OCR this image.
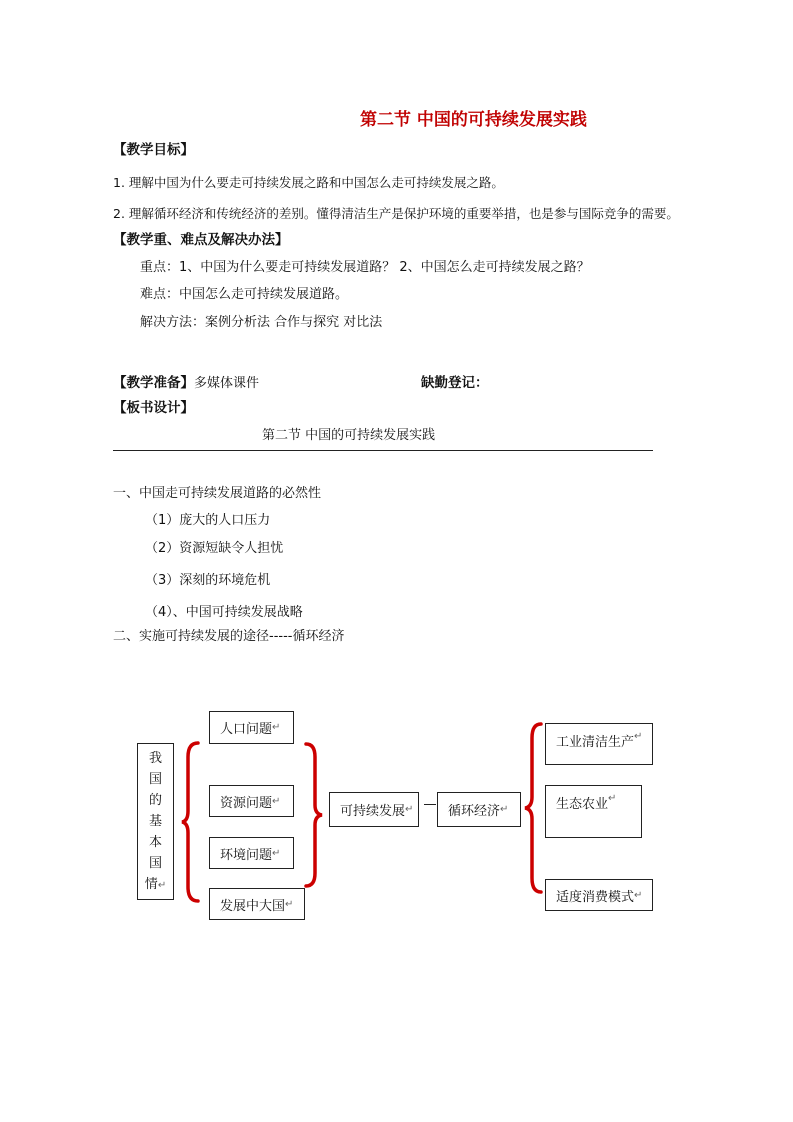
第二节 中国的可持续发展实践
【教学目标】
1. 理解中国为什么要走可持续发展之路和中国怎么走可持续发展之路。
2. 理解循环经济和传统经济的差别。懂得清洁生产是保护环境的重要举措，也是参与国际竞争的需要。
【教学重、难点及解决办法】
重点：1、中国为什么要走可持续发展道路？ 2、中国怎么走可持续发展之路？
难点：中国怎么走可持续发展道路。
解决方法：案例分析法 合作与探究 对比法
【教学准备】多媒体课件	缺勤登记：
【板书设计】
第二节 中国的可持续发展实践
一、中国走可持续发展道路的必然性
（1）庞大的人口压力
（2）资源短缺令人担忧
（3）深刻的环境危机
（4）、中国可持续发展战略
二、实施可持续发展的途径-----循环经济
我
国
的
基
本
国
情↵
人口问题 ↵
资源问题 ↵
环境问题 ↵
发展中大国 ↵
可持续发展 ↵	循环经济 ↵
工业清洁生产 ↵
生态农业 ↵
适度消费模式 ↵
